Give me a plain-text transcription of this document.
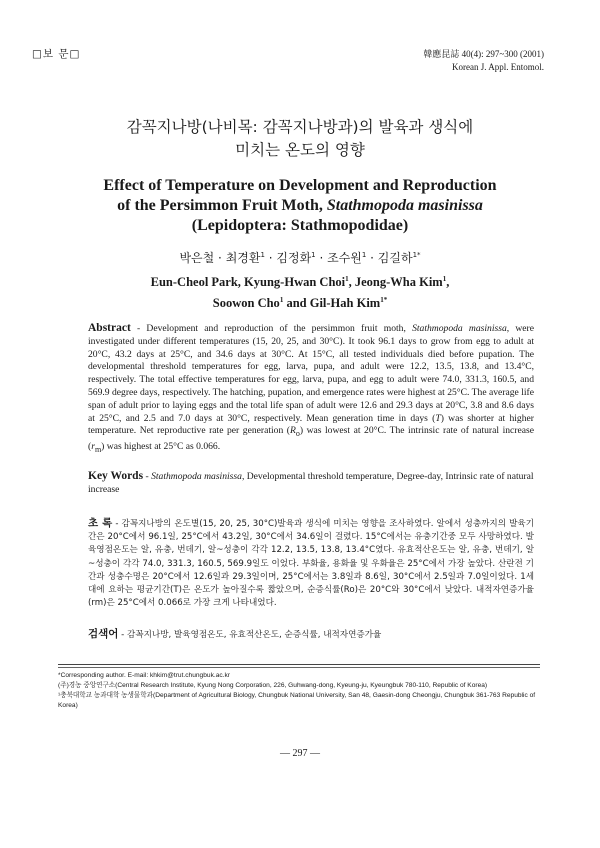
□보 문□	韓應昆誌 40(4): 297~300 (2001)
Korean J. Appl. Entomol.
감꼭지나방(나비목: 감꼭지나방과)의 발육과 생식에
미치는 온도의 영향
Effect of Temperature on Development and Reproduction
of the Persimmon Fruit Moth, Stathmopoda masinissa
(Lepidoptera: Stathmopodidae)
박은철 · 최경환$^1$ · 김정화$^1$ · 조수원$^1$ · 김길하$^{1*}$
Eun-Cheol Park, Kyung-Hwan Choi$^1$, Jeong-Wha Kim$^1$,
Soowon Cho$^1$ and Gil-Hah Kim$^{1*}$
Abstract - Development and reproduction of the persimmon fruit moth, Stathmopoda masinissa, were investigated under different temperatures (15, 20, 25, and 30°C). It took 96.1 days to grow from egg to adult at 20°C, 43.2 days at 25°C, and 34.6 days at 30°C. At 15°C, all tested individuals died before pupation. The developmental threshold temperatures for egg, larva, pupa, and adult were 12.2, 13.5, 13.8, and 13.4°C, respectively. The total effective temperatures for egg, larva, pupa, and egg to adult were 74.0, 331.3, 160.5, and 569.9 degree days, respectively. The hatching, pupation, and emergence rates were highest at 25°C. The average life span of adult prior to laying eggs and the total life span of adult were 12.6 and 29.3 days at 20°C, 3.8 and 8.6 days at 25°C, and 2.5 and 7.0 days at 30°C, respectively. Mean generation time in days (T) was shorter at higher temperature. Net reproductive rate per generation $(R_o)$ was lowest at 20°C. The intrinsic rate of natural increase $(r_m)$ was highest at 25°C as 0.066.
Key Words - Stathmopoda masinissa, Developmental threshold temperature, Degree-day, Intrinsic rate of natural increase
초 록 - 감꼭지나방의 온도별(15, 20, 25, 30°C)발육과 생식에 미치는 영향을 조사하였다. 알에서 성충까지의 발육기간은 20°C에서 96.1일, 25°C에서 43.2일, 30°C에서 34.6일이 걸렸다. 15°C에서는 유충기간중 모두 사망하였다. 발육영점온도는 알, 유충, 번데기, 알~성충이 각각 12.2, 13.5, 13.8, 13.4°C였다. 유효적산온도는 알, 유충, 번데기, 알~성충이 각각 74.0, 331.3, 160.5, 569.9일도 이었다. 부화율, 용화율 및 우화율은 25°C에서 가장 높았다. 산란전 기간과 성충수명은 20°C에서 12.6일과 29.3일이며, 25°C에서는 3.8일과 8.6일, 30°C에서 2.5일과 7.0일이었다. 1세대에 요하는 평균기간(T)은 온도가 높아질수록 짧았으며, 순증식률(Ro)은 20°C와 30°C에서 낮았다. 내적자연증가율(rm)은 25°C에서 0.066로 가장 크게 나타내었다.
검색어 - 감꼭지나방, 발육영점온도, 유효적산온도, 순증식률, 내적자연증가율
*Corresponding author. E-mail: khkim@trut.chungbuk.ac.kr
(주)경농 중앙연구소(Central Research Institute, Kyung Nong Corporation, 226, Guhwang-dong, Kyeung-ju, Kyeungbuk 780-110, Republic of Korea)
¹충북대학교 농과대학 농생물학과(Department of Agricultural Biology, Chungbuk National University, San 48, Gaesin-dong Cheongju, Chungbuk 361-763 Republic of Korea)
— 297 —
